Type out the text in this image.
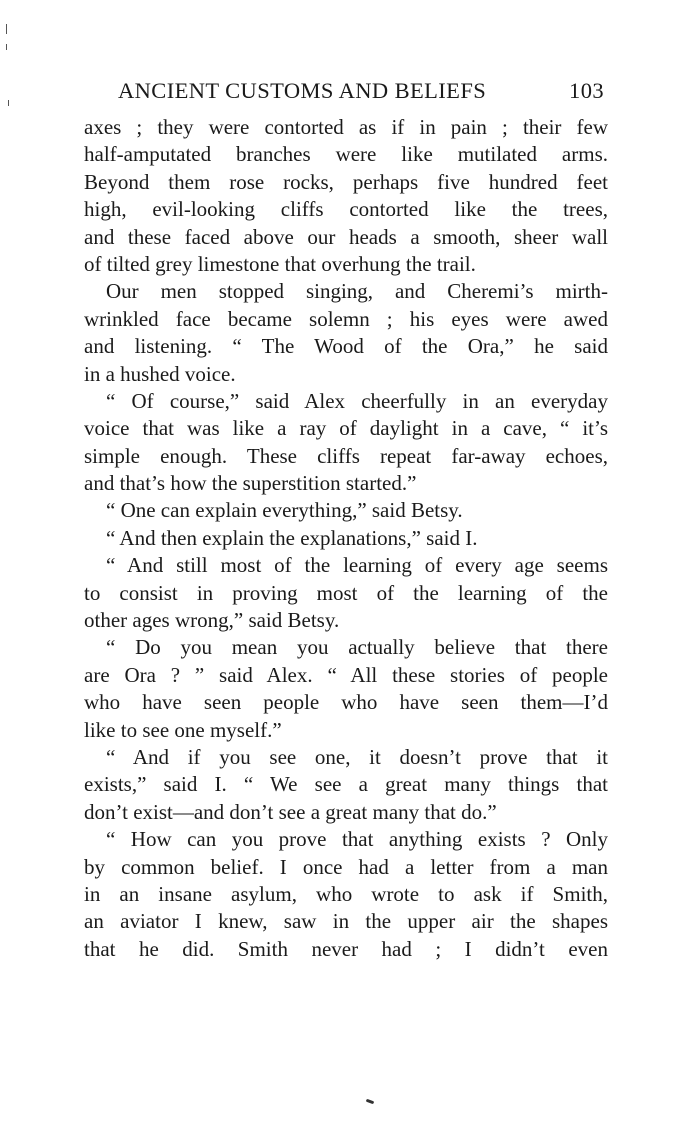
ANCIENT CUSTOMS AND BELIEFS	103
axes ; they were contorted as if in pain ; their few
half-amputated branches were like mutilated arms.
Beyond them rose rocks, perhaps five hundred feet
high, evil-looking cliffs contorted like the trees,
and these faced above our heads a smooth, sheer wall
of tilted grey limestone that overhung the trail.
Our men stopped singing, and Cheremi’s mirth-
wrinkled face became solemn ; his eyes were awed
and listening. “ The Wood of the Ora,” he said
in a hushed voice.
“ Of course,” said Alex cheerfully in an everyday
voice that was like a ray of daylight in a cave, “ it’s
simple enough. These cliffs repeat far-away echoes,
and that’s how the superstition started.”
“ One can explain everything,” said Betsy.
“ And then explain the explanations,” said I.
“ And still most of the learning of every age seems
to consist in proving most of the learning of the
other ages wrong,” said Betsy.
“ Do you mean you actually believe that there
are Ora ? ” said Alex. “ All these stories of people
who have seen people who have seen them—I’d
like to see one myself.”
“ And if you see one, it doesn’t prove that it
exists,” said I. “ We see a great many things that
don’t exist—and don’t see a great many that do.”
“ How can you prove that anything exists ? Only
by common belief. I once had a letter from a man
in an insane asylum, who wrote to ask if Smith,
an aviator I knew, saw in the upper air the shapes
that he did. Smith never had ; I didn’t even
